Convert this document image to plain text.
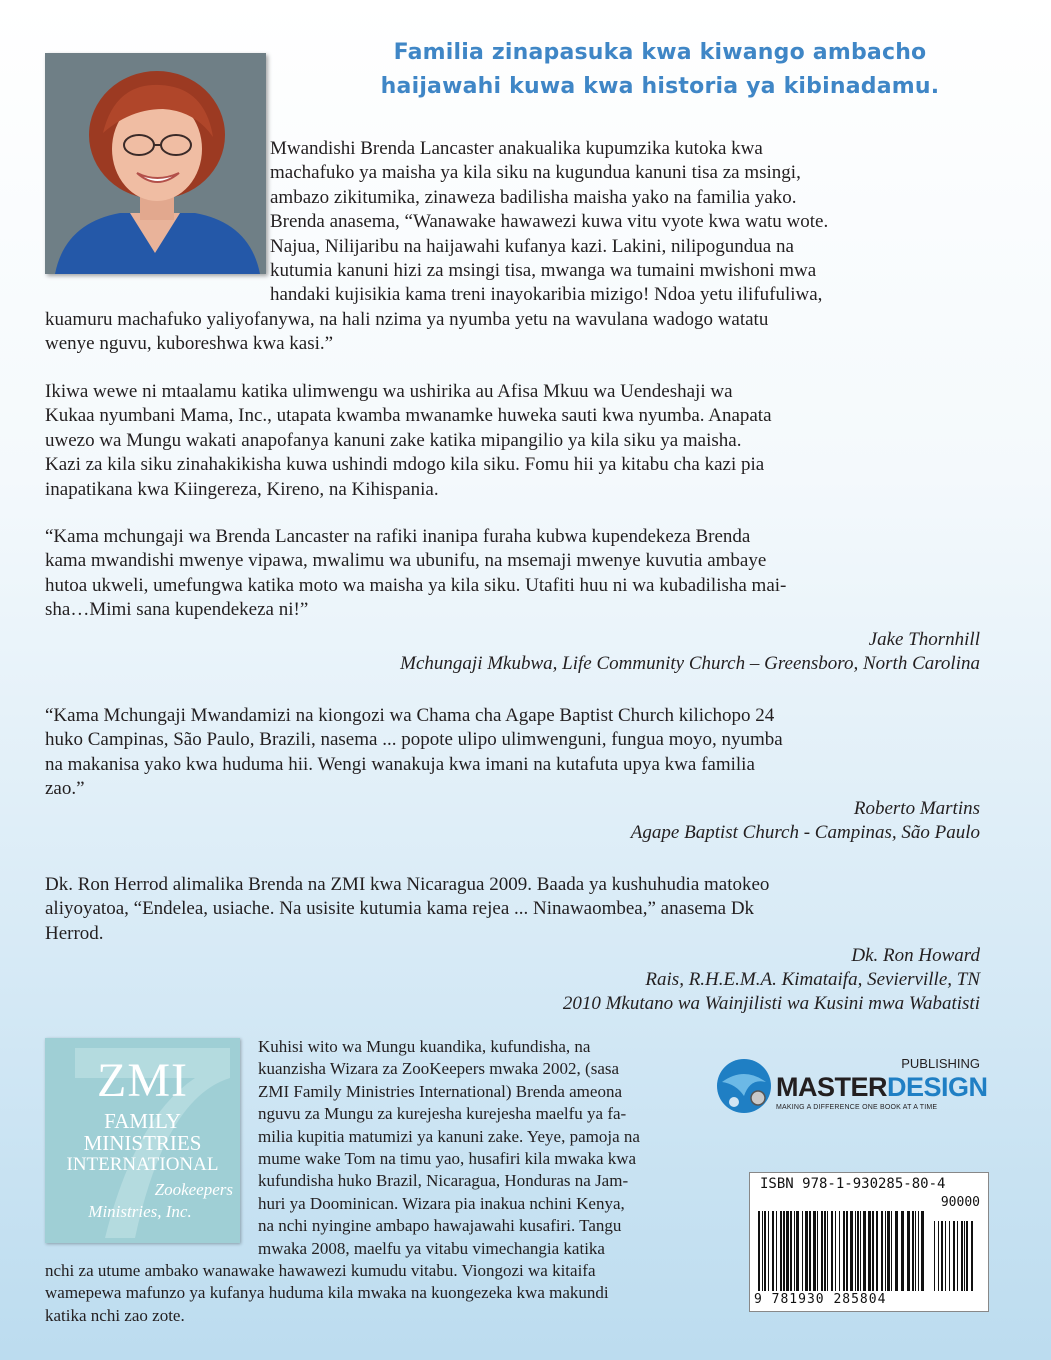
Familia zinapasuka kwa kiwango ambacho
haijawahi kuwa kwa historia ya kibinadamu.
Mwandishi Brenda Lancaster anakualika kupumzika kutoka kwa
machafuko ya maisha ya kila siku na kugundua kanuni tisa za msingi,
ambazo zikitumika, zinaweza badilisha maisha yako na familia yako.
Brenda anasema, “Wanawake hawawezi kuwa vitu vyote kwa watu wote.
Najua, Nilijaribu na haijawahi kufanya kazi. Lakini, nilipogundua na
kutumia kanuni hizi za msingi tisa, mwanga wa tumaini mwishoni mwa
handaki kujisikia kama treni inayokaribia mizigo! Ndoa yetu ilifufuliwa,
kuamuru machafuko yaliyofanywa, na hali nzima ya nyumba yetu na wavulana wadogo watatu
wenye nguvu, kuboreshwa kwa kasi.”
Ikiwa wewe ni mtaalamu katika ulimwengu wa ushirika au Afisa Mkuu wa Uendeshaji wa
Kukaa nyumbani Mama, Inc., utapata kwamba mwanamke huweka sauti kwa nyumba. Anapata
uwezo wa Mungu wakati anapofanya kanuni zake katika mipangilio ya kila siku ya maisha.
Kazi za kila siku zinahakikisha kuwa ushindi mdogo kila siku. Fomu hii ya kitabu cha kazi pia
inapatikana kwa Kiingereza, Kireno, na Kihispania.
“Kama mchungaji wa Brenda Lancaster na rafiki inanipa furaha kubwa kupendekeza Brenda
kama mwandishi mwenye vipawa, mwalimu wa ubunifu, na msemaji mwenye kuvutia ambaye
hutoa ukweli, umefungwa katika moto wa maisha ya kila siku. Utafiti huu ni wa kubadilisha mai-
sha…Mimi sana kupendekeza ni!”
Jake Thornhill
Mchungaji Mkubwa, Life Community Church – Greensboro, North Carolina
“Kama Mchungaji Mwandamizi na kiongozi wa Chama cha Agape Baptist Church kilichopo 24
huko Campinas, São Paulo, Brazili, nasema ... popote ulipo ulimwenguni, fungua moyo, nyumba
na makanisa yako kwa huduma hii. Wengi wanakuja kwa imani na kutafuta upya kwa familia
zao.”
Roberto Martins
Agape Baptist Church - Campinas, São Paulo
Dk. Ron Herrod alimalika Brenda na ZMI kwa Nicaragua 2009. Baada ya kushuhudia matokeo
aliyoyatoa, “Endelea, usiache. Na usisite kutumia kama rejea ... Ninawaombea,” anasema Dk
Herrod.
Dk. Ron Howard
Rais, R.H.E.M.A. Kimataifa, Sevierville, TN
2010 Mkutano wa Wainjilisti wa Kusini mwa Wabatisti
ZMI
FAMILY
MINISTRIES
INTERNATIONAL
Zookeepers
Ministries, Inc.
Kuhisi wito wa Mungu kuandika, kufundisha, na
kuanzisha Wizara za ZooKeepers mwaka 2002, (sasa
ZMI Family Ministries International) Brenda ameona
nguvu za Mungu za kurejesha kurejesha maelfu ya fa-
milia kupitia matumizi ya kanuni zake. Yeye, pamoja na
mume wake Tom na timu yao, husafiri kila mwaka kwa
kufundisha huko Brazil, Nicaragua, Honduras na Jam-
huri ya Doominican. Wizara pia inakua nchini Kenya,
na nchi nyingine ambapo hawajawahi kusafiri. Tangu
mwaka 2008, maelfu ya vitabu vimechangia katika
nchi za utume ambako wanawake hawawezi kumudu vitabu. Viongozi wa kitaifa
wamepewa mafunzo ya kufanya huduma kila mwaka na kuongezeka kwa makundi
katika nchi zao zote.
PUBLISHING
MASTERDESIGN
MAKING A DIFFERENCE ONE BOOK AT A TIME
ISBN 978-1-930285-80-4
90000
9 781930 285804
